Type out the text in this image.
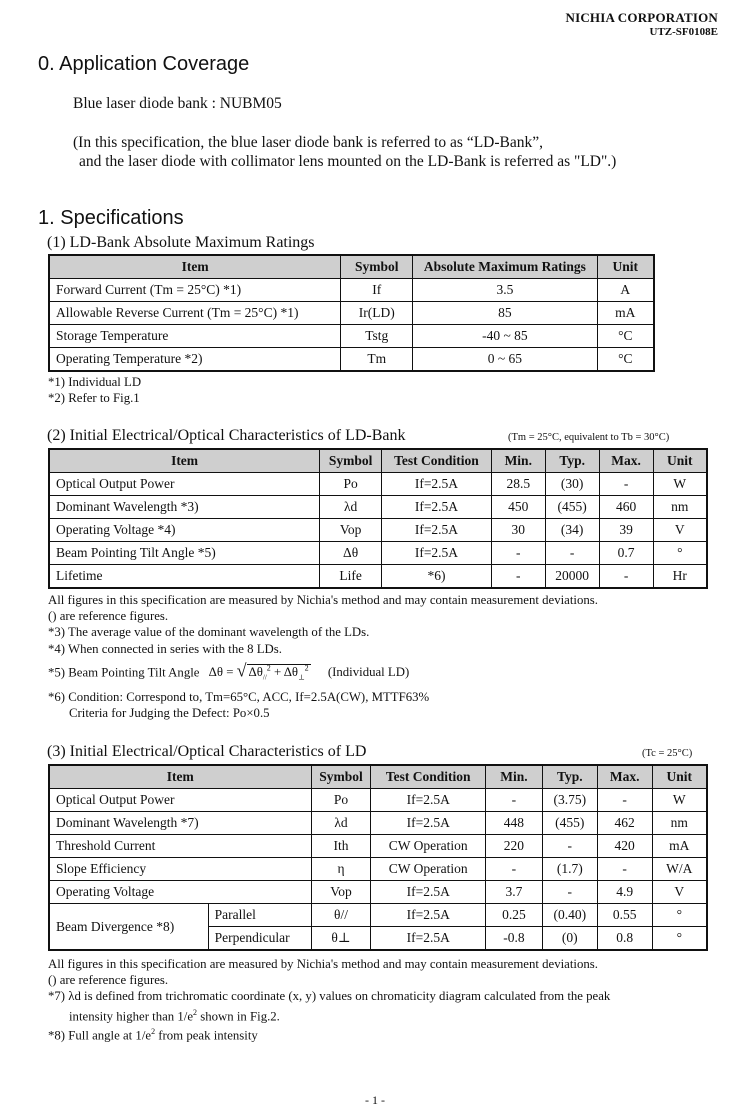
NICHIA CORPORATION
UTZ-SF0108E
0. Application Coverage
Blue laser diode bank : NUBM05
(In this specification, the blue laser diode bank is referred to as “LD-Bank”,
and the laser diode with collimator lens mounted on the LD-Bank is referred as "LD".)
1. Specifications
(1) LD-Bank Absolute Maximum Ratings
Item	Symbol	Absolute Maximum Ratings	Unit
Forward Current (Tm = 25°C) *1)	If	3.5	A
Allowable Reverse Current (Tm = 25°C) *1)	Ir(LD)	85	mA
Storage Temperature	Tstg	-40 ~ 85	°C
Operating Temperature *2)	Tm	0 ~ 65	°C
*1) Individual LD
*2) Refer to Fig.1
(2) Initial Electrical/Optical Characteristics of LD-Bank	(Tm = 25°C, equivalent to Tb = 30°C)
Item	Symbol	Test Condition	Min.	Typ.	Max.	Unit
Optical Output Power	Po	If=2.5A	28.5	(30)	-	W
Dominant Wavelength *3)	λd	If=2.5A	450	(455)	460	nm
Operating Voltage *4)	Vop	If=2.5A	30	(34)	39	V
Beam Pointing Tilt Angle *5)	Δθ	If=2.5A	-	-	0.7	°
Lifetime	Life	*6)	-	20000	-	Hr
All figures in this specification are measured by Nichia's method and may contain measurement deviations.
() are reference figures.
*3) The average value of the dominant wavelength of the LDs.
*4) When connected in series with the 8 LDs.
*5) Beam Pointing Tilt Angle Δθ = √ $\Delta\theta_{//}^2 + \Delta\theta_\perp^2$ (Individual LD)
*6) Condition: Correspond to, Tm=65°C, ACC, If=2.5A(CW), MTTF63%
Criteria for Judging the Defect: Po×0.5
(3) Initial Electrical/Optical Characteristics of LD	(Tc = 25°C)
Item		Symbol	Test Condition	Min.	Typ.	Max.	Unit
Optical Output Power		Po	If=2.5A	-	(3.75)	-	W
Dominant Wavelength *7)		λd	If=2.5A	448	(455)	462	nm
Threshold Current		Ith	CW Operation	220	-	420	mA
Slope Efficiency		η	CW Operation	-	(1.7)	-	W/A
Operating Voltage		Vop	If=2.5A	3.7	-	4.9	V
Beam Divergence *8)	Parallel	θ//	If=2.5A	0.25	(0.40)	0.55	°
	Perpendicular	θ⊥	If=2.5A	-0.8	(0)	0.8	°
All figures in this specification are measured by Nichia's method and may contain measurement deviations.
() are reference figures.
*7) λd is defined from trichromatic coordinate (x, y) values on chromaticity diagram calculated from the peak
intensity higher than $1/e^2$ shown in Fig.2.
*8) Full angle at $1/e^2$ from peak intensity
- 1 -
